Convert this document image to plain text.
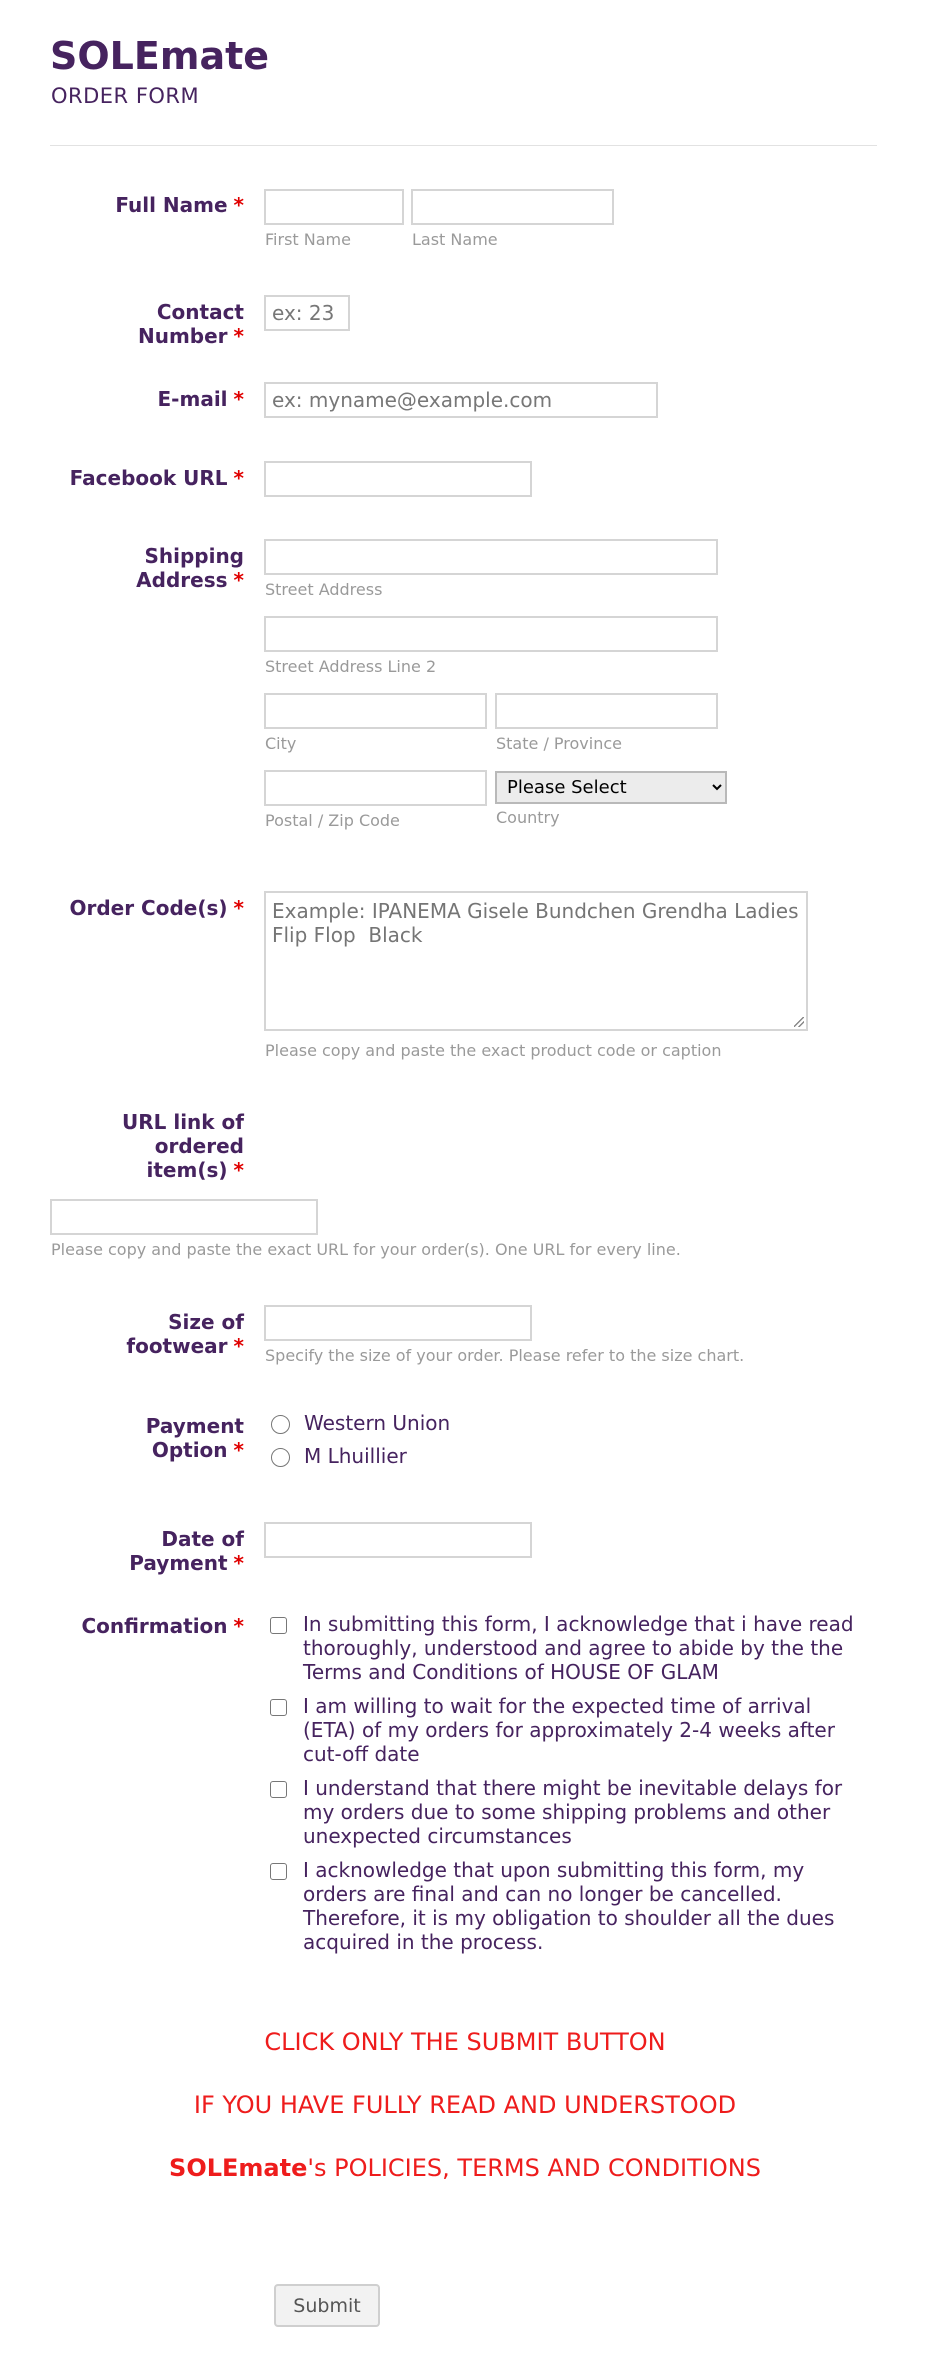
SOLEmate
ORDER FORM
Full Name *
First Name	Last Name
Contact
Number *
ex: 23
E-mail *
ex: myname@example.com
Facebook URL *
Shipping
Address * Street Address
Street Address Line 2
City	State / Province
Please Select
Postal / Zip Code	Country
Order Code(s) *
Example: IPANEMA Gisele Bundchen Grendha Ladies Flip Flop Black
Please copy and paste the exact product code or caption
URL link of
ordered
item(s) *
Please copy and paste the exact URL for your order(s). One URL for every line.
Size of
footwear * Specify the size of your order. Please refer to the size chart.
Payment
Option *
Western Union
M Lhuillier
Date of
Payment *
Confirmation *	In submitting this form, I acknowledge that i have read thoroughly, understood and agree to abide by the the Terms and Conditions of HOUSE OF GLAM
I am willing to wait for the expected time of arrival (ETA) of my orders for approximately 2-4 weeks after cut-off date
I understand that there might be inevitable delays for my orders due to some shipping problems and other unexpected circumstances
I acknowledge that upon submitting this form, my orders are final and can no longer be cancelled. Therefore, it is my obligation to shoulder all the dues acquired in the process.
CLICK ONLY THE SUBMIT BUTTON
IF YOU HAVE FULLY READ AND UNDERSTOOD
SOLEmate's POLICIES, TERMS AND CONDITIONS
Submit
